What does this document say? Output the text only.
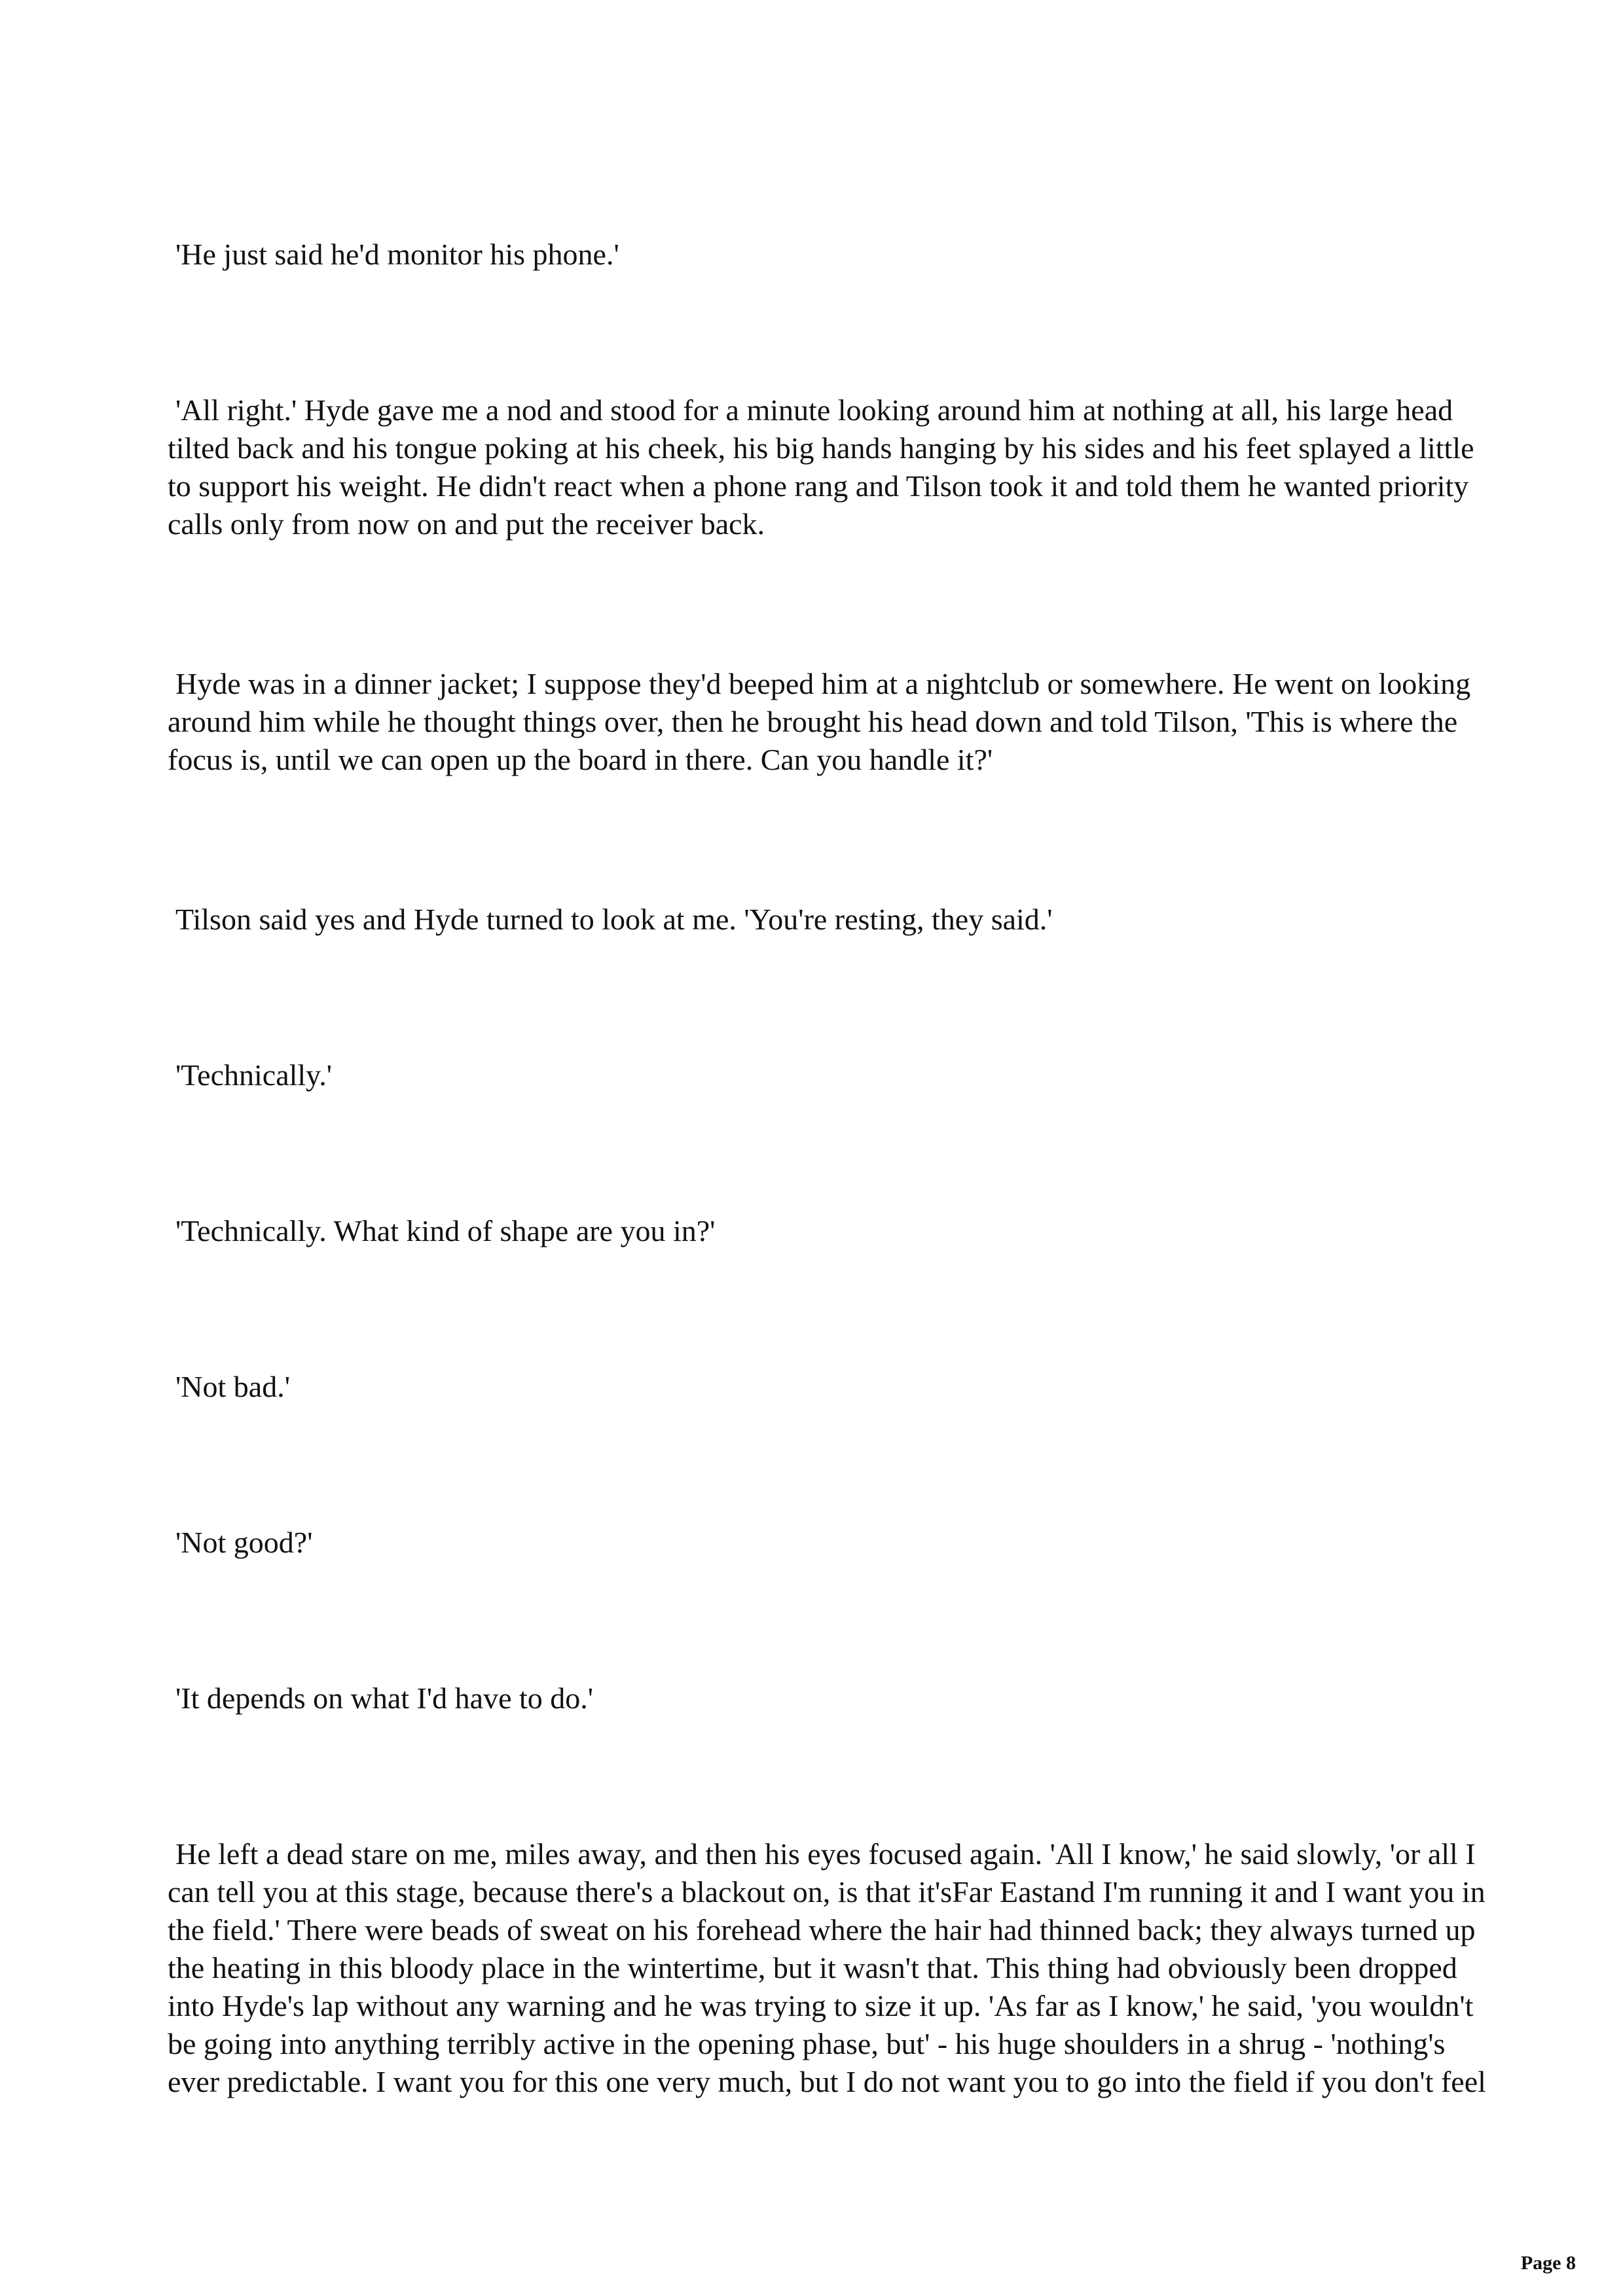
'He just said he'd monitor his phone.'

'All right.' Hyde gave me a nod and stood for a minute looking around him at nothing at all, his large head tilted back and his tongue poking at his cheek, his big hands hanging by his sides and his feet splayed a little to support his weight. He didn't react when a phone rang and Tilson took it and told them he wanted priority calls only from now on and put the receiver back.

Hyde was in a dinner jacket; I suppose they'd beeped him at a nightclub or somewhere. He went on looking around him while he thought things over, then he brought his head down and told Tilson, 'This is where the focus is, until we can open up the board in there. Can you handle it?'

Tilson said yes and Hyde turned to look at me. 'You're resting, they said.'

'Technically.'

'Technically. What kind of shape are you in?'

'Not bad.'

'Not good?'

'It depends on what I'd have to do.'

He left a dead stare on me, miles away, and then his eyes focused again. 'All I know,' he said slowly, 'or all I can tell you at this stage, because there's a blackout on, is that it'sFar Eastand I'm running it and I want you in the field.' There were beads of sweat on his forehead where the hair had thinned back; they always turned up the heating in this bloody place in the wintertime, but it wasn't that. This thing had obviously been dropped into Hyde's lap without any warning and he was trying to size it up. 'As far as I know,' he said, 'you wouldn't be going into anything terribly active in the opening phase, but' - his huge shoulders in a shrug - 'nothing's ever predictable. I want you for this one very much, but I do not want you to go into the field if you don't feel

Page 8
